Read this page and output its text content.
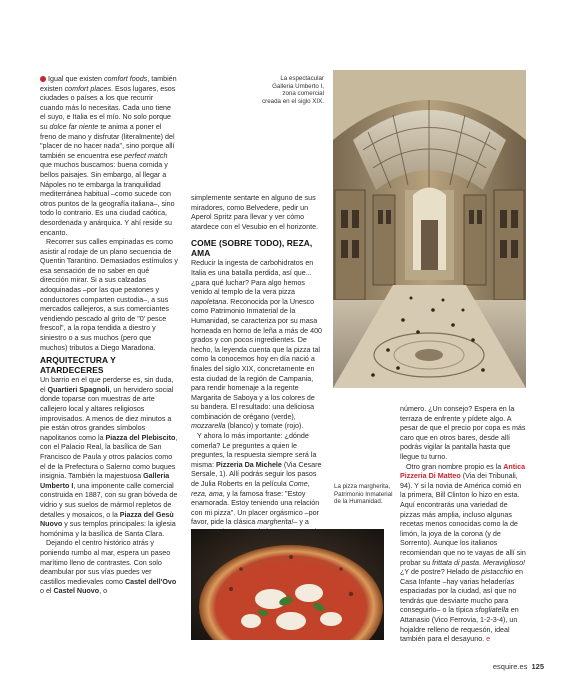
Igual que existen comfort foods, también existen comfort places. Esos lugares, esos ciudades o países a los que recurrir cuando más lo necesitas. Cada uno tiene el suyo, e Italia es el mío. No solo porque su dolce far niente te anima a poner el freno de mano y disfrutar (literalmente) del "placer de no hacer nada", sino porque allí también se encuentra ese perfect match que muchos buscamos: buena comida y bellos paisajes. Sin embargo, al llegar a Nápoles no te embarga la tranquilidad mediterránea habitual –como sucede con otros puntos de la geografía italiana–, sino todo lo contrario. Es una ciudad caótica, desordenada y anárquica. Y ahí reside su encanto.

Recorrer sus calles empinadas es como asistir al rodaje de un plano secuencia de Quentin Tarantino. Demasiados estímulos y esa sensación de no saber en qué dirección mirar. Si a sus calzadas adoquinadas –por las que peatones y conductores comparten custodia–, a sus mercados callejeros, a sus comerciantes vendiendo pescado al grito de "0' pesce frescol", a la ropa tendida a diestro y siniestro o a sus muchos (pero que muchos) tributos a Diego Maradona.

ARQUITECTURA Y ATARDECERES

Un barrio en el que perderse es, sin duda, el Quartieri Spagnoli, un hervidero social donde toparse con muestras de arte callejero local y altares religiosos improvisados. A menos de diez minutos a pie están otros grandes símbolos napolitanos como la Piazza del Plebiscito, con el Palacio Real, la basílica de San Francisco de Paula y otros palacios como el de la Prefectura o Salerno como buques insignia. También la majestuosa Galleria Umberto I, una imponente calle comercial construida en 1887, con su gran bóveda de vidrio y sus suelos de mármol repletos de detalles y mosaicos, o la Piazza del Gesù Nuovo y sus templos principales: la iglesia homónima y la basílica de Santa Clara.

Dejando el centro histórico atrás y poniendo rumbo al mar, espera un paseo marítimo lleno de contrastes. Con solo deambular por sus vías puedes ver castillos medievales como Castel dell'Ovo o el Castel Nuovo, o

simplemente sentarte en alguno de sus miradores, como Belvedere, pedir un Aperol Spritz para llevar y ver cómo atardece con el Vesubio en el horizonte.

COME (SOBRE TODO), REZA, AMA

Reducir la ingesta de carbohidratos en Italia es una batalla perdida, así que... ¿para qué luchar? Para algo hemos venido al templo de la vera pizza napoletana. Reconocida por la Unesco como Patrimonio Inmaterial de la Humanidad, se caracteriza por su masa horneada en horno de leña a más de 400 grados y con pocos ingredientes. De hecho, la leyenda cuenta que la pizza tal como la conocemos hoy en día nació a finales del siglo XIX, concretamente en esta ciudad de la región de Campania, para rendir homenaje a la regente Margarita de Saboya y a los colores de su bandera. El resultado: una deliciosa combinación de orégano (verde), mozzarella (blanco) y tomate (rojo).

Y ahora lo más importante: ¿dónde comerla? Le preguntes a quien le preguntes, la respuesta siempre será la misma: Pizzeria Da Michele (Via Cesare Sersale, 1). Allí podrás seguir los pasos de Julia Roberts en la película Come, reza, ama, y la famosa frase: "Estoy enamorada. Estoy teniendo una relación con mi pizza". Un placer orgásmico –por favor, pide la clásica margherita!– y a

número. ¿Un consejo? Espera en la terraza de enfrente y pídete algo. A pesar de que el precio por copa es más caro que en otros bares, desde allí podrás vigilar la pantalla hasta que llegue tu turno.

Otro gran nombre propio es la Antica Pizzeria Di Matteo (Via dei Tribunali, 94). Y si la novia de América comió en la primera, Bill Clinton lo hizo en esta. Aquí encontrarás una variedad de pizzas más amplia, incluso algunas recetas menos conocidas como la de limón, la joya de la corona (y de Sorrento). Aunque los italianos recomiendan que no te vayas de allí sin probar su frittata di pasta. Meraviglioso! ¿Y de postre? Helado de pistacchio en Casa Infante –hay varias heladerías espaciadas por la ciudad, así que no tendrás que desviarte mucho para conseguirlo– o la típica sfogliatella en Attanasio (Vico Ferrovia, 1-2-3-4), un hojaldre relleno de requesón, ideal también para el desayuno. e

La espectacular Galleria Umberto I, zona comercial creada en el siglo XIX.
La pizza margherita, Patrimonio Inmaterial de la Humanidad.
esquire.es 125
